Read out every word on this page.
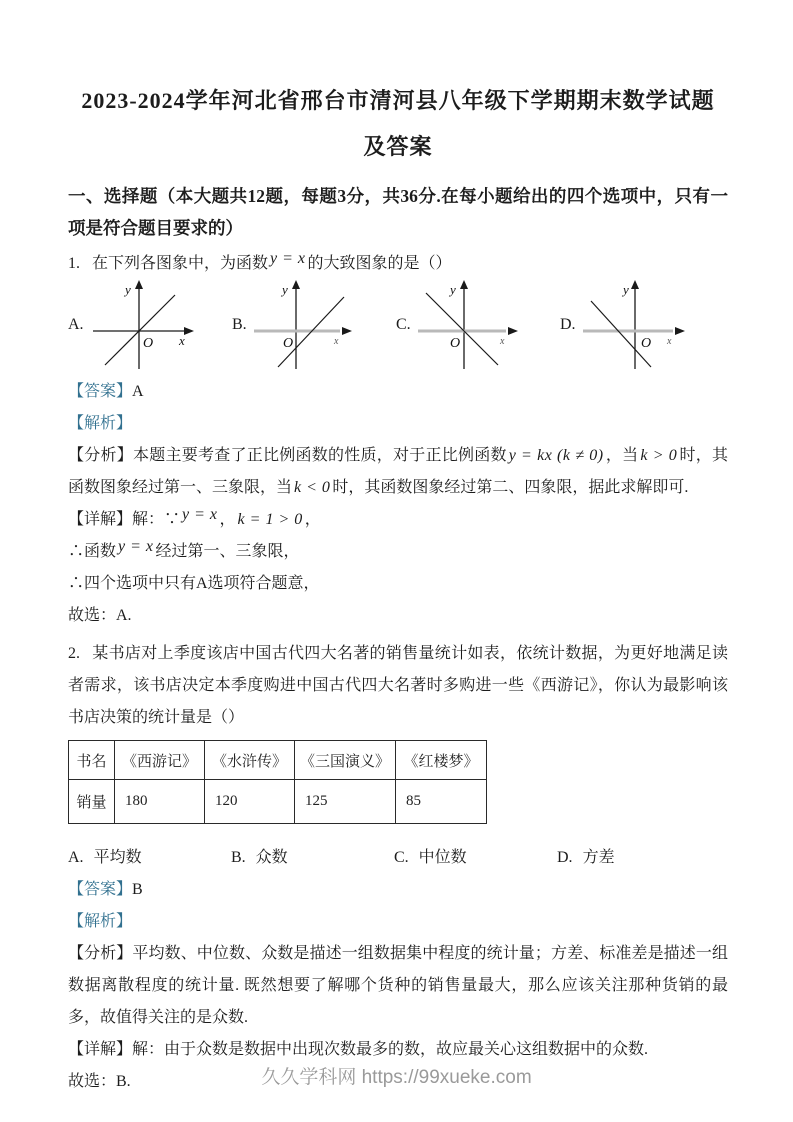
2023-2024学年河北省邢台市清河县八年级下学期期末数学试题及答案

一、选择题（本大题共12题，每题3分，共36分.在每小题给出的四个选项中，只有一项是符合题目要求的）

1. 在下列各图象中，为函数 y = x 的大致图象的是（）

A.
y
x
O
B.
y
x
O
C.
y
x
O
D.
y
x
O

【答案】A

【解析】

【分析】本题主要考查了正比例函数的性质，对于正比例函数 y = kx (k ≠ 0) ，当 k > 0 时，其函数图象经过第一、三象限，当 k < 0 时，其函数图象经过第二、四象限，据此求解即可.

【详解】解：∵ y = x ， k = 1 > 0 ，

∴函数 y = x 经过第一、三象限，

∴四个选项中只有A选项符合题意，

故选：A.

2. 某书店对上季度该店中国古代四大名著的销售量统计如表，依统计数据，为更好地满足读者需求，该书店决定本季度购进中国古代四大名著时多购进一些《西游记》，你认为最影响该书店决策的统计量是（）

书名	《西游记》	《水浒传》	《三国演义》	《红楼梦》
销量	180	120	125	85
A. 平均数	B. 众数	C. 中位数	D. 方差

【答案】B

【解析】

【分析】平均数、中位数、众数是描述一组数据集中程度的统计量；方差、标准差是描述一组数据离散程度的统计量. 既然想要了解哪个货种的销售量最大，那么应该关注那种货销的最多，故值得关注的是众数.

【详解】解：由于众数是数据中出现次数最多的数，故应最关心这组数据中的众数.

故选：B.	久久学科网 https://99xueke.com
